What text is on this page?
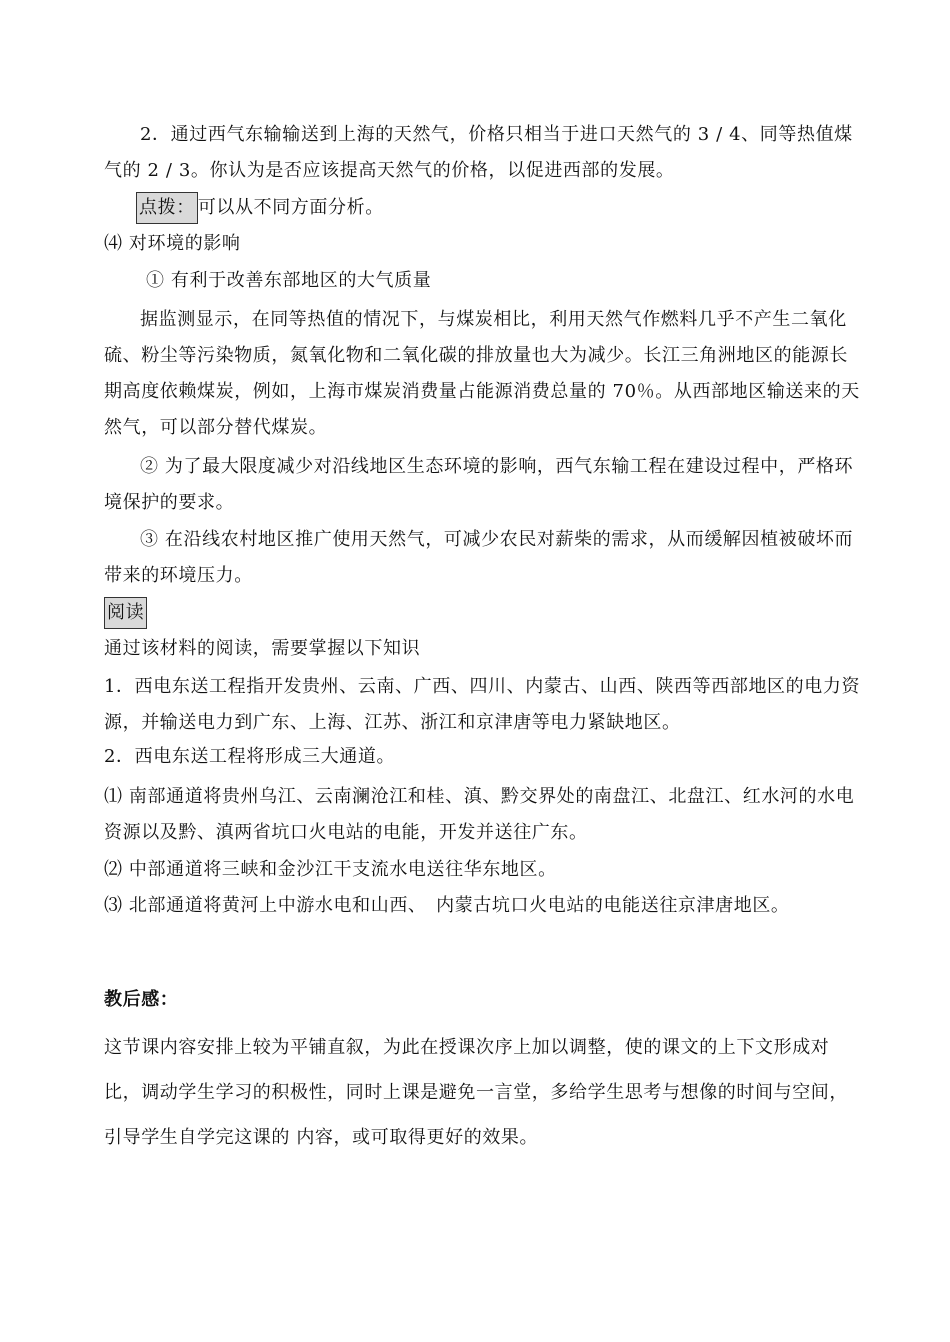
2．通过西气东输输送到上海的天然气，价格只相当于进口天然气的 3 / 4、同等热值煤气的 2 / 3。你认为是否应该提高天然气的价格，以促进西部的发展。

点拨： 可以从不同方面分析。

⑷ 对环境的影响

① 有利于改善东部地区的大气质量

据监测显示，在同等热值的情况下，与煤炭相比，利用天然气作燃料几乎不产生二氧化硫、粉尘等污染物质，氮氧化物和二氧化碳的排放量也大为减少。长江三角洲地区的能源长期高度依赖煤炭，例如，上海市煤炭消费量占能源消费总量的 70％。从西部地区输送来的天然气，可以部分替代煤炭。

② 为了最大限度减少对沿线地区生态环境的影响，西气东输工程在建设过程中，严格环境保护的要求。

③ 在沿线农村地区推广使用天然气，可减少农民对薪柴的需求，从而缓解因植被破坏而带来的环境压力。

阅读

通过该材料的阅读，需要掌握以下知识

1．西电东送工程指开发贵州、云南、广西、四川、内蒙古、山西、陕西等西部地区的电力资源，并输送电力到广东、上海、江苏、浙江和京津唐等电力紧缺地区。

2．西电东送工程将形成三大通道。

⑴ 南部通道将贵州乌江、云南澜沧江和桂、滇、黔交界处的南盘江、北盘江、红水河的水电资源以及黔、滇两省坑口火电站的电能，开发并送往广东。

⑵ 中部通道将三峡和金沙江干支流水电送往华东地区。

⑶ 北部通道将黄河上中游水电和山西、　内蒙古坑口火电站的电能送往京津唐地区。

教后感：

这节课内容安排上较为平铺直叙，为此在授课次序上加以调整，使的课文的上下文形成对比，调动学生学习的积极性，同时上课是避免一言堂，多给学生思考与想像的时间与空间，引导学生自学完这课的 内容，或可取得更好的效果。
